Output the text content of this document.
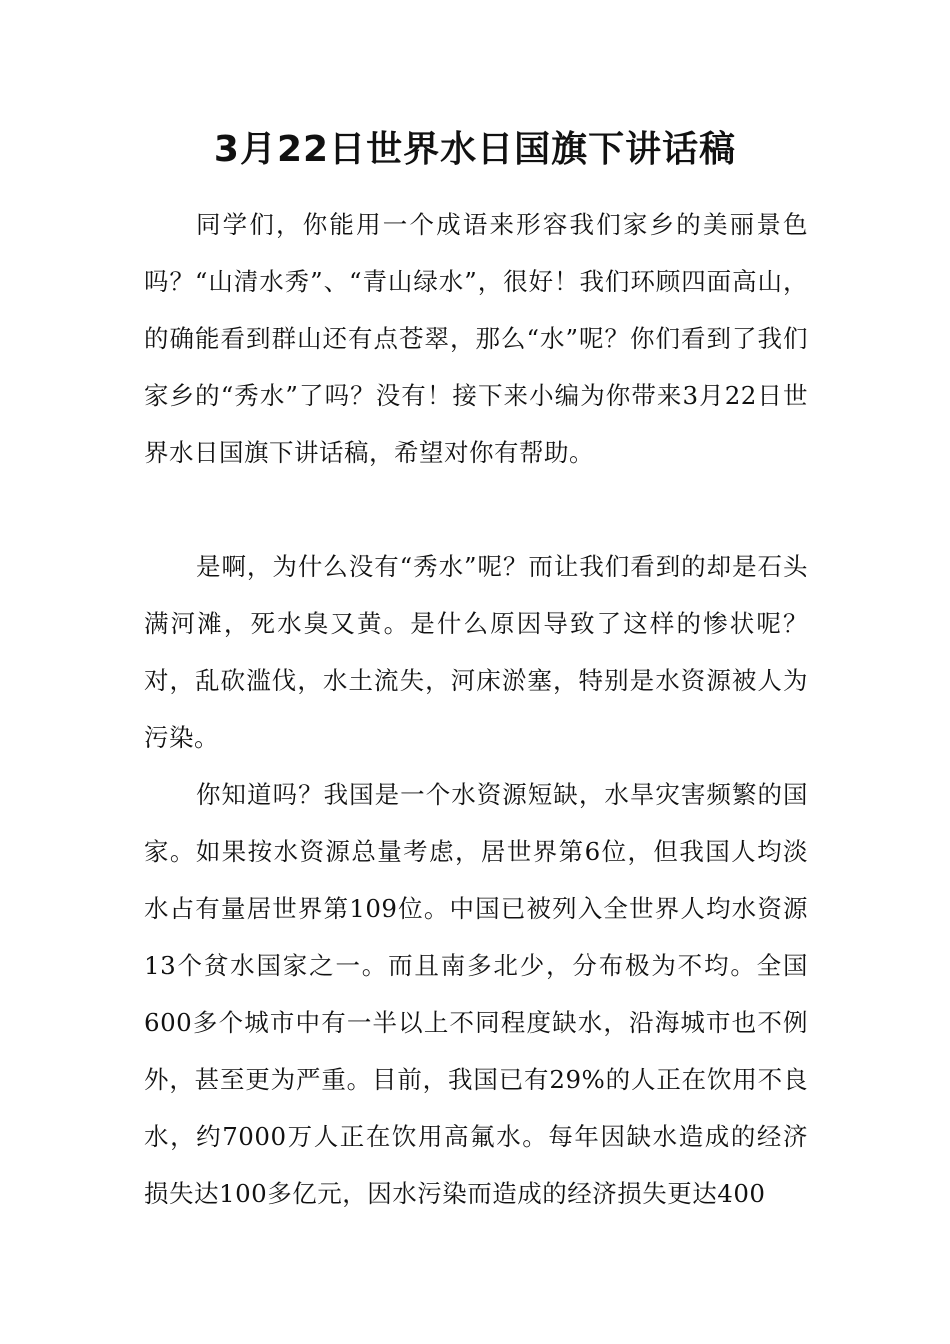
3月22日世界水日国旗下讲话稿

同学们，你能用一个成语来形容我们家乡的美丽景色吗？“山清水秀”、“青山绿水”，很好！我们环顾四面高山，的确能看到群山还有点苍翠，那么“水”呢？你们看到了我们家乡的“秀水”了吗？没有！接下来小编为你带来3月22日世界水日国旗下讲话稿，希望对你有帮助。

是啊，为什么没有“秀水”呢？而让我们看到的却是石头满河滩，死水臭又黄。是什么原因导致了这样的惨状呢？对，乱砍滥伐，水土流失，河床淤塞，特别是水资源被人为污染。

你知道吗？我国是一个水资源短缺，水旱灾害频繁的国家。如果按水资源总量考虑，居世界第6位，但我国人均淡水占有量居世界第109位。中国已被列入全世界人均水资源13个贫水国家之一。而且南多北少，分布极为不均。全国600多个城市中有一半以上不同程度缺水，沿海城市也不例外，甚至更为严重。目前，我国已有29%的人正在饮用不良水，约7000万人正在饮用高氟水。每年因缺水造成的经济损失达100多亿元，因水污染而造成的经济损失更达400
